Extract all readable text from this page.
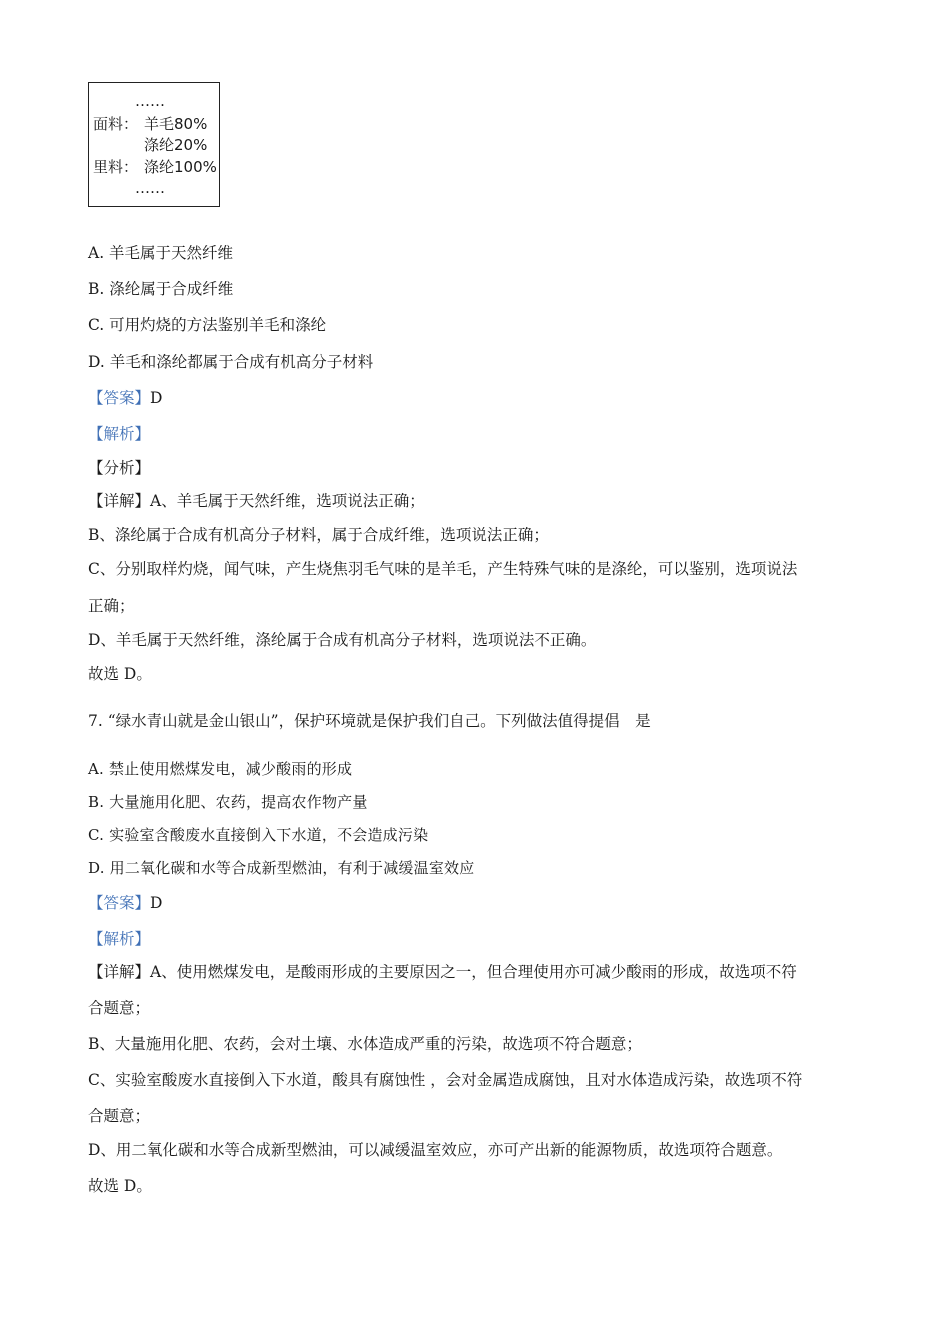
……
面料： 羊毛80%
涤纶20%
里料： 涤纶100%
……
A. 羊毛属于天然纤维
B. 涤纶属于合成纤维
C. 可用灼烧的方法鉴别羊毛和涤纶
D. 羊毛和涤纶都属于合成有机高分子材料
【答案】D
【解析】
【分析】
【详解】A、羊毛属于天然纤维，选项说法正确；
B、涤纶属于合成有机高分子材料，属于合成纤维，选项说法正确；
C、分别取样灼烧，闻气味，产生烧焦羽毛气味的是羊毛，产生特殊气味的是涤纶，可以鉴别，选项说法
正确；
D、羊毛属于天然纤维，涤纶属于合成有机高分子材料，选项说法不正确。
故选 D。
7. “绿水青山就是金山银山”，保护环境就是保护我们自己。下列做法值得提倡　是
A. 禁止使用燃煤发电，减少酸雨的形成
B. 大量施用化肥、农药，提高农作物产量
C. 实验室含酸废水直接倒入下水道，不会造成污染
D. 用二氧化碳和水等合成新型燃油，有利于减缓温室效应
【答案】D
【解析】
【详解】A、使用燃煤发电，是酸雨形成的主要原因之一，但合理使用亦可减少酸雨的形成，故选项不符
合题意；
B、大量施用化肥、农药，会对土壤、水体造成严重的污染，故选项不符合题意；
C、实验室酸废水直接倒入下水道，酸具有腐蚀性 ，会对金属造成腐蚀，且对水体造成污染，故选项不符
合题意；
D、用二氧化碳和水等合成新型燃油，可以减缓温室效应，亦可产出新的能源物质，故选项符合题意。
故选 D。
